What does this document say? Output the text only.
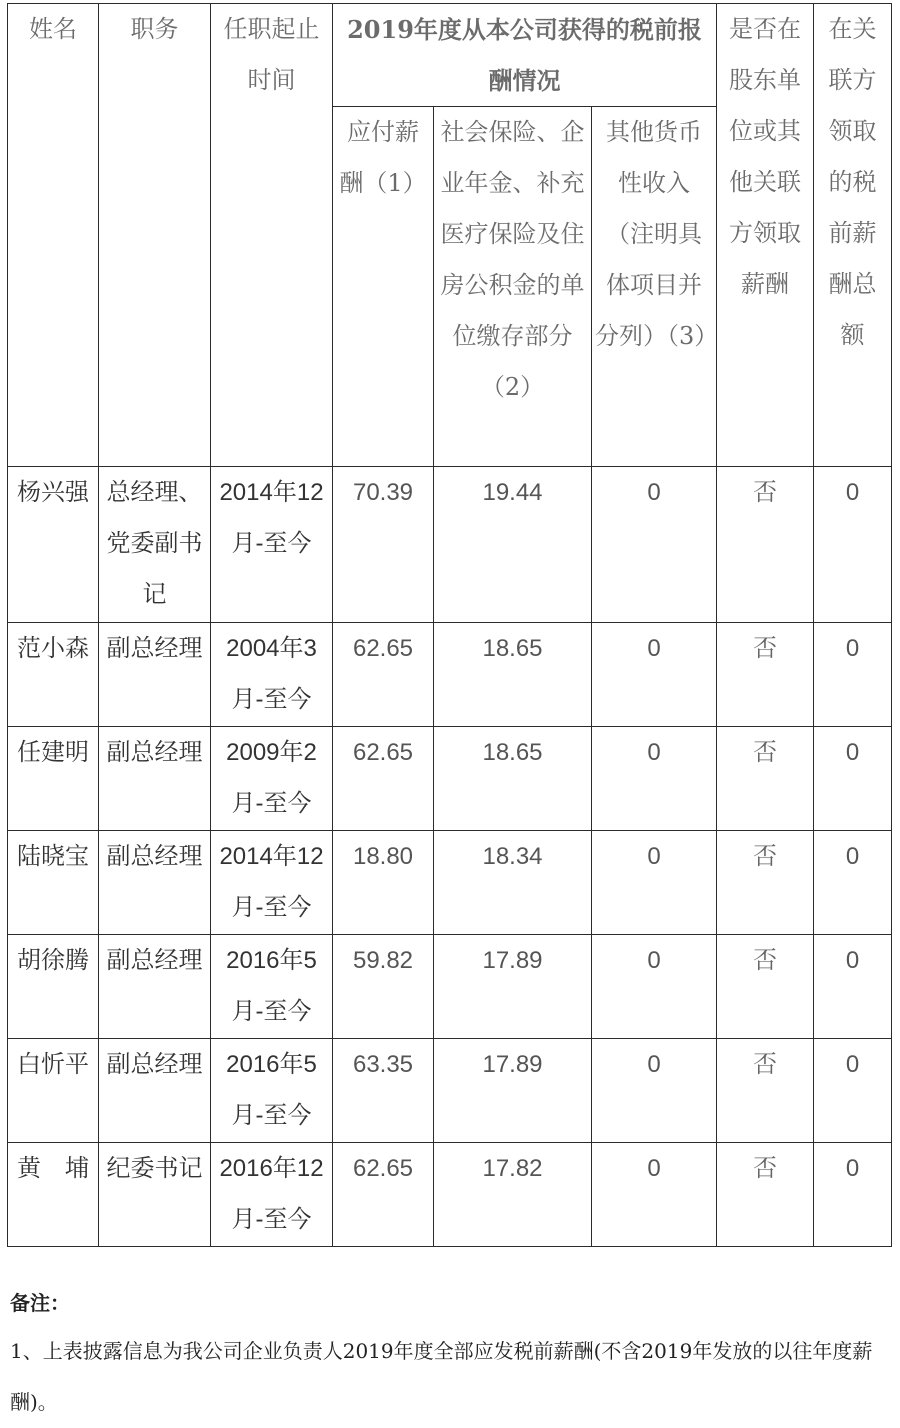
姓名	职务	任职起止时间	2019年度从本公司获得的税前报酬情况			是否在股东单位或其他关联方领取薪酬	在关联方领取的税前薪酬总额
			应付薪酬（1）	社会保险、企业年金、补充医疗保险及住房公积金的单位缴存部分（2）	其他货币性收入（注明具体项目并分列）（3）		
杨兴强	总经理、党委副书记	2014年12月-至今	70.39	19.44	0	否	0
范小森	副总经理	2004年3月-至今	62.65	18.65	0	否	0
任建明	副总经理	2009年2月-至今	62.65	18.65	0	否	0
陆晓宝	副总经理	2014年12月-至今	18.80	18.34	0	否	0
胡徐腾	副总经理	2016年5月-至今	59.82	17.89	0	否	0
白忻平	副总经理	2016年5月-至今	63.35	17.89	0	否	0
黄　埔	纪委书记	2016年12月-至今	62.65	17.82	0	否	0
备注：
1、上表披露信息为我公司企业负责人2019年度全部应发税前薪酬(不含2019年发放的以往年度薪酬)。
